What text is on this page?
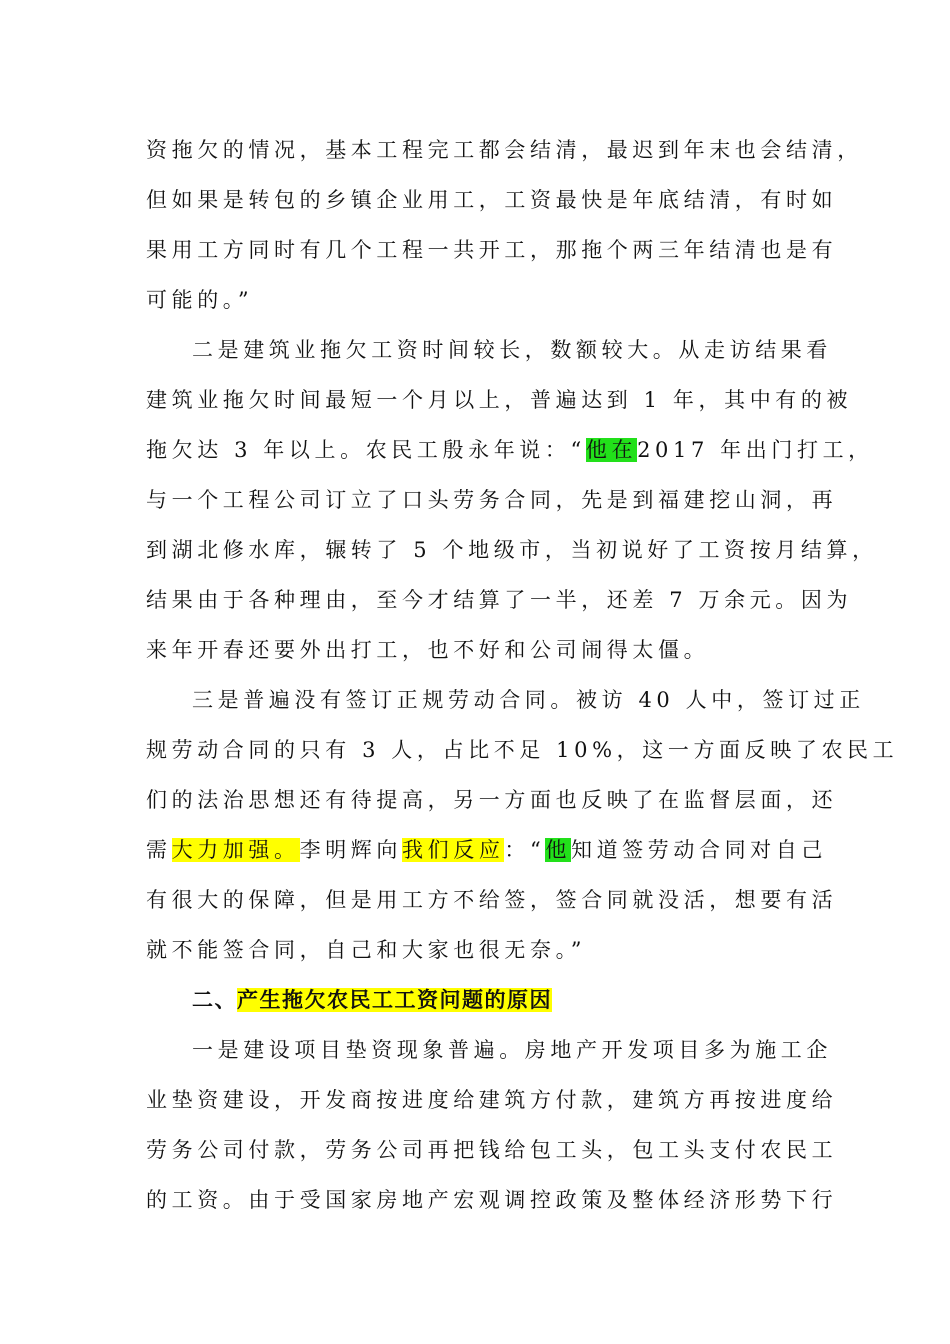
资拖欠的情况，基本工程完工都会结清，最迟到年末也会结清，
但如果是转包的乡镇企业用工，工资最快是年底结清，有时如
果用工方同时有几个工程一共开工，那拖个两三年结清也是有
可能的。”
二是建筑业拖欠工资时间较长，数额较大。从走访结果看
建筑业拖欠时间最短一个月以上，普遍达到 1 年，其中有的被
拖欠达 3 年以上。农民工殷永年说：“他在2017 年出门打工，
与一个工程公司订立了口头劳务合同，先是到福建挖山洞，再
到湖北修水库，辗转了 5 个地级市，当初说好了工资按月结算，
结果由于各种理由，至今才结算了一半，还差 7 万余元。因为
来年开春还要外出打工，也不好和公司闹得太僵。
三是普遍没有签订正规劳动合同。被访 40 人中，签订过正
规劳动合同的只有 3 人，占比不足 10%，这一方面反映了农民工
们的法治思想还有待提高，另一方面也反映了在监督层面，还
需大力加强。李明辉向我们反应：“他知道签劳动合同对自己
有很大的保障，但是用工方不给签，签合同就没活，想要有活
就不能签合同，自己和大家也很无奈。”
二、产生拖欠农民工工资问题的原因
一是建设项目垫资现象普遍。房地产开发项目多为施工企
业垫资建设，开发商按进度给建筑方付款，建筑方再按进度给
劳务公司付款，劳务公司再把钱给包工头，包工头支付农民工
的工资。由于受国家房地产宏观调控政策及整体经济形势下行
